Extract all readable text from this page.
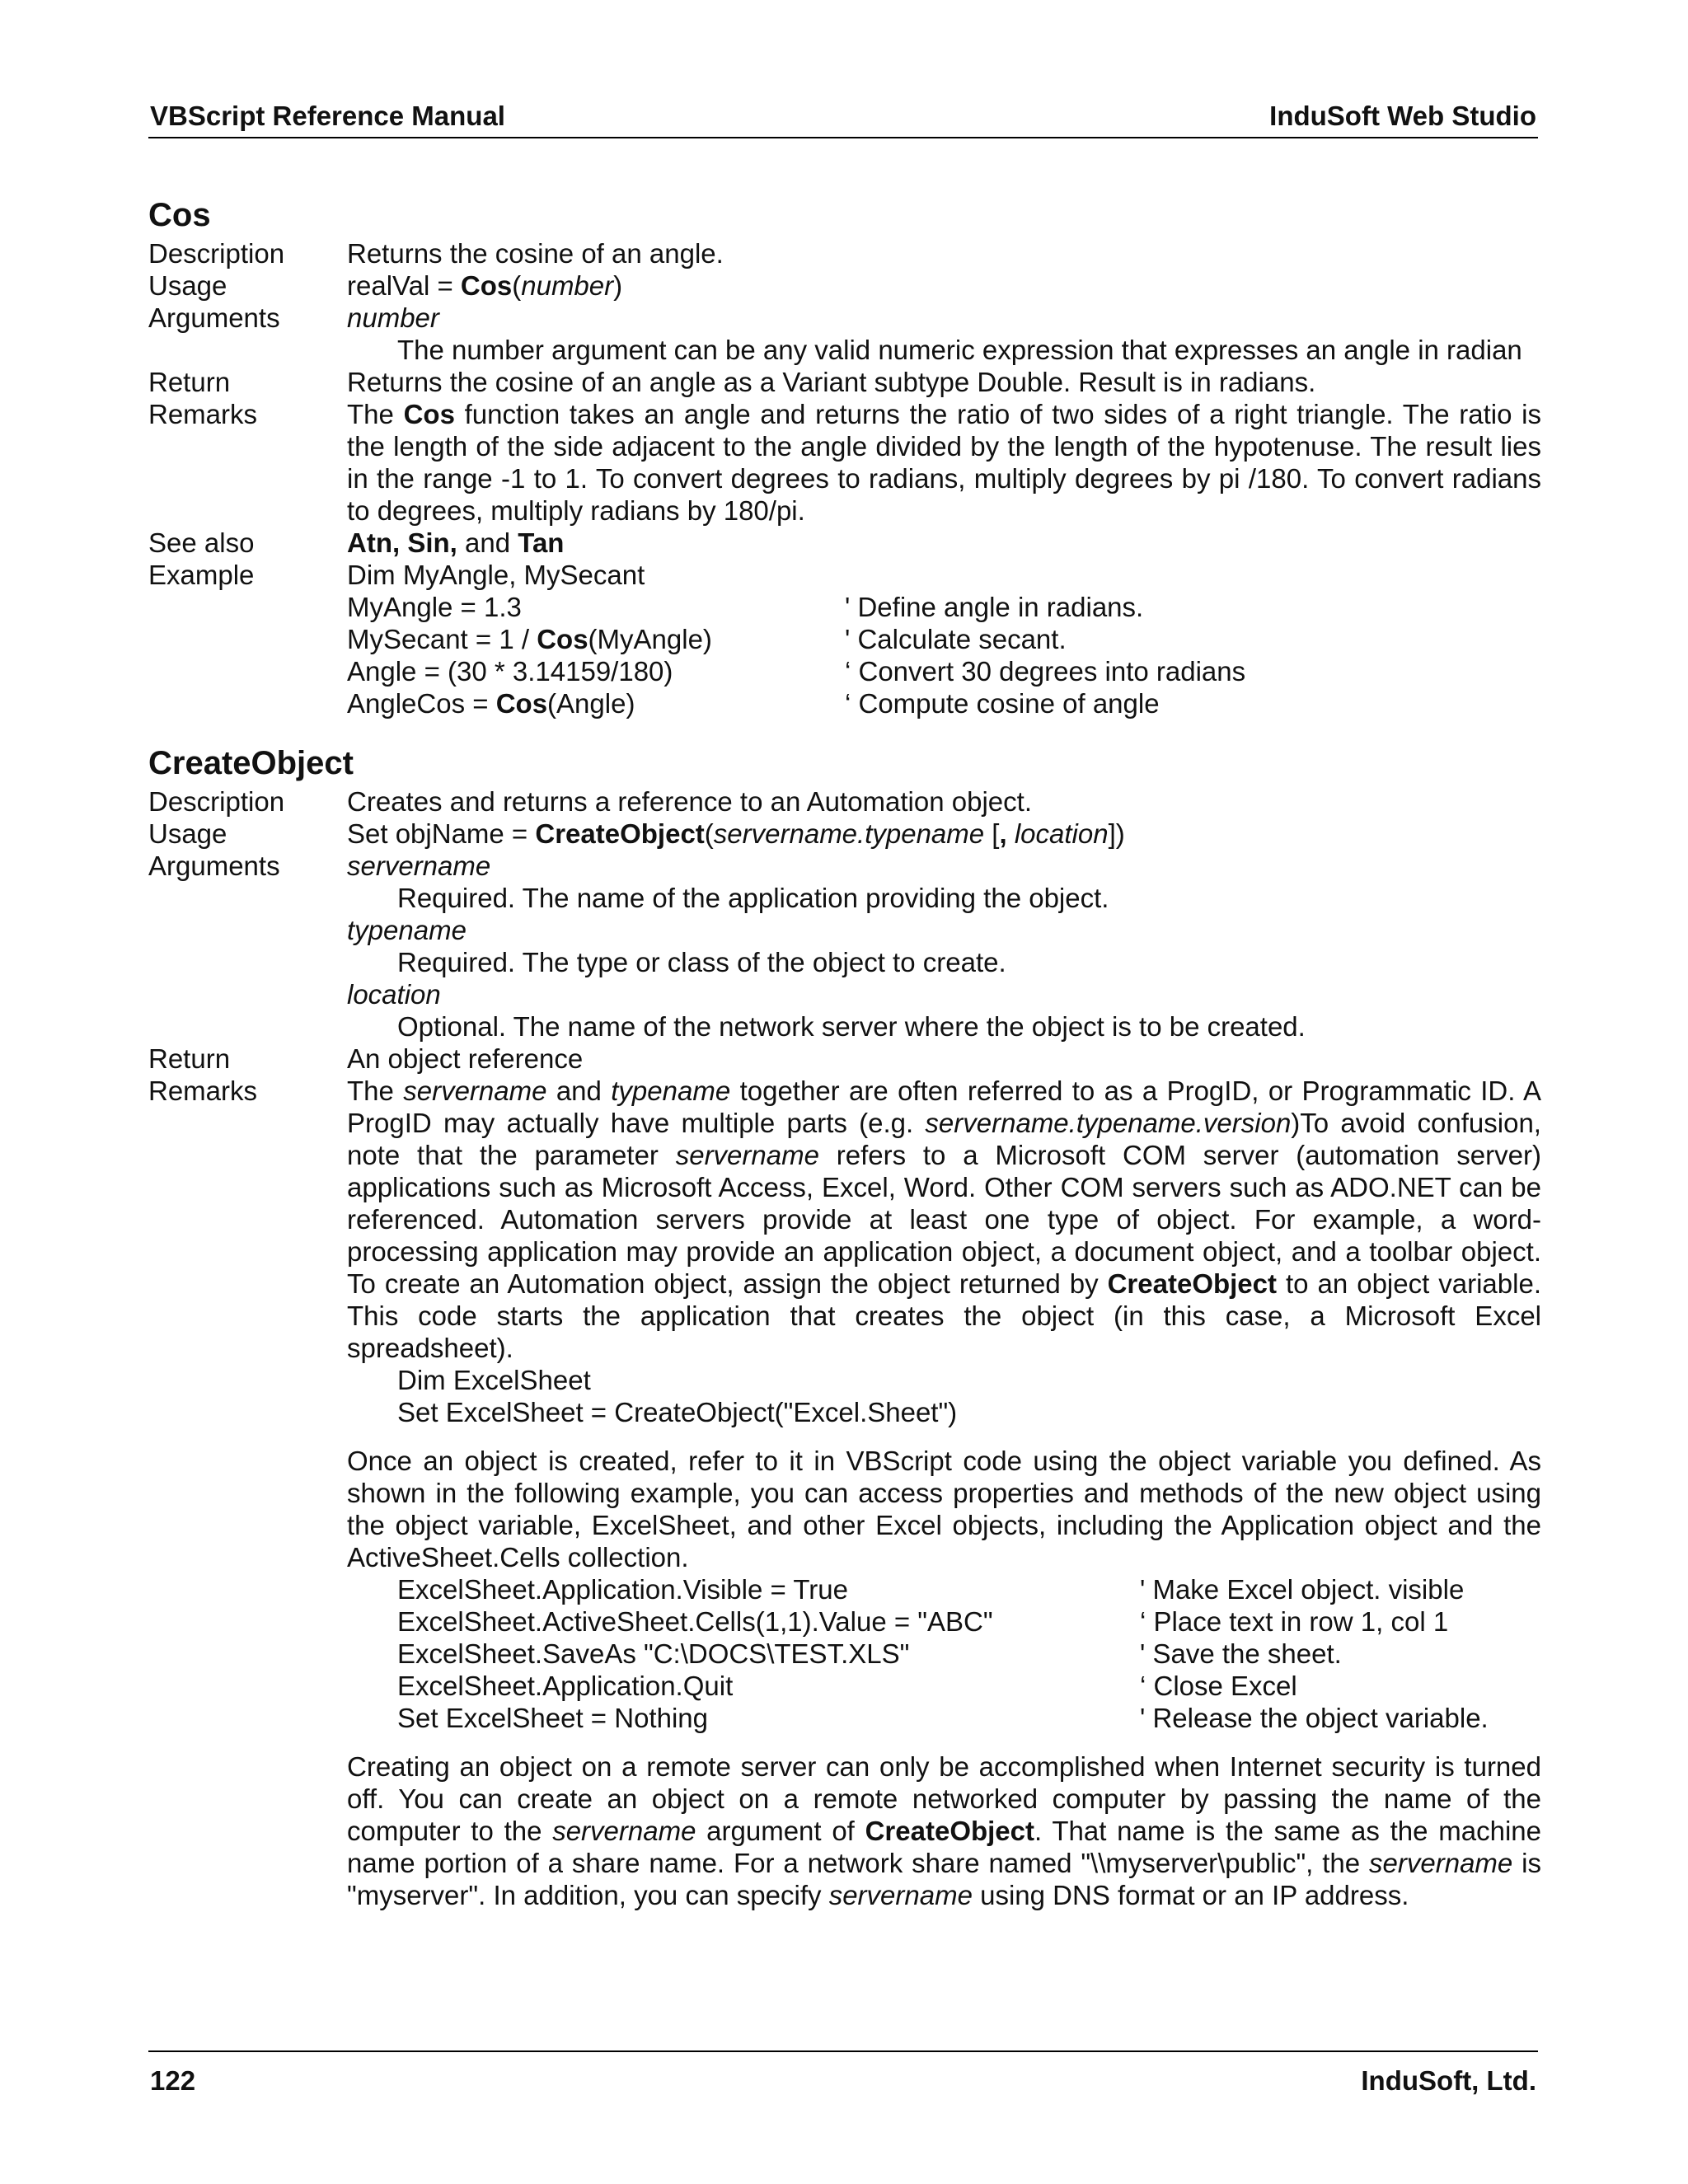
VBScript Reference Manual	InduSoft Web Studio
Cos
Description	Returns the cosine of an angle.
Usage	realVal = Cos(number)
Arguments	number
The number argument can be any valid numeric expression that expresses an angle in radian
Return	Returns the cosine of an angle as a Variant subtype Double. Result is in radians.
Remarks	The Cos function takes an angle and returns the ratio of two sides of a right triangle. The ratio is the length of the side adjacent to the angle divided by the length of the hypotenuse. The result lies in the range -1 to 1. To convert degrees to radians, multiply degrees by pi /180. To convert radians to degrees, multiply radians by 180/pi.
See also	Atn, Sin, and Tan
Example	Dim MyAngle, MySecant
MyAngle = 1.3	' Define angle in radians.
MySecant = 1 / Cos(MyAngle)	' Calculate secant.
Angle = (30 * 3.14159/180)	‘ Convert 30 degrees into radians
AngleCos = Cos(Angle)	‘ Compute cosine of angle
CreateObject
Description	Creates and returns a reference to an Automation object.
Usage	Set objName = CreateObject(servername.typename [, location])
Arguments	servername
Required. The name of the application providing the object.
typename
Required. The type or class of the object to create.
location
Optional. The name of the network server where the object is to be created.
Return	An object reference
Remarks	The servername and typename together are often referred to as a ProgID, or Programmatic ID. A ProgID may actually have multiple parts (e.g. servername.typename.version)To avoid confusion, note that the parameter servername refers to a Microsoft COM server (automation server) applications such as Microsoft Access, Excel, Word. Other COM servers such as ADO.NET can be referenced. Automation servers provide at least one type of object. For example, a word-processing application may provide an application object, a document object, and a toolbar object. To create an Automation object, assign the object returned by CreateObject to an object variable. This code starts the application that creates the object (in this case, a Microsoft Excel spreadsheet).
Dim ExcelSheet
Set ExcelSheet = CreateObject("Excel.Sheet")
Once an object is created, refer to it in VBScript code using the object variable you defined. As shown in the following example, you can access properties and methods of the new object using the object variable, ExcelSheet, and other Excel objects, including the Application object and the ActiveSheet.Cells collection.
ExcelSheet.Application.Visible = True	' Make Excel object. visible
ExcelSheet.ActiveSheet.Cells(1,1).Value = "ABC"	‘ Place text in row 1, col 1
ExcelSheet.SaveAs "C:\DOCS\TEST.XLS"	' Save the sheet.
ExcelSheet.Application.Quit	‘ Close Excel
Set ExcelSheet = Nothing	' Release the object variable.
Creating an object on a remote server can only be accomplished when Internet security is turned off. You can create an object on a remote networked computer by passing the name of the computer to the servername argument of CreateObject. That name is the same as the machine name portion of a share name. For a network share named "\\myserver\public", the servername is "myserver". In addition, you can specify servername using DNS format or an IP address.
122	InduSoft, Ltd.
